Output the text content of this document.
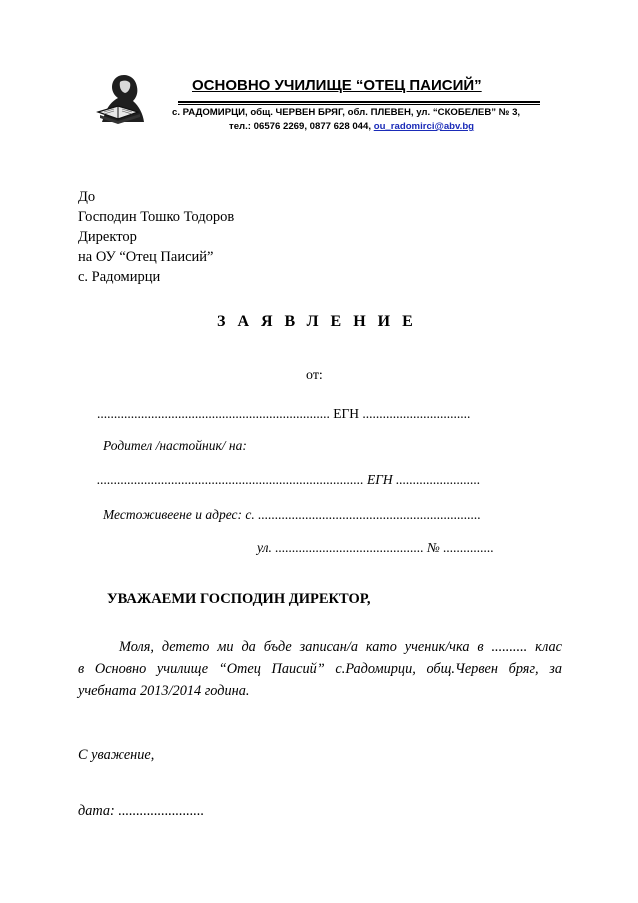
ОСНОВНО УЧИЛИЩЕ “ОТЕЦ ПАИСИЙ”
с. РАДОМИРЦИ, общ. ЧЕРВЕН БРЯГ, обл. ПЛЕВЕН, ул. “СКОБЕЛЕВ” № 3,
тел.: 06576 2269, 0877 628 044, ou_radomirci@abv.bg
До
Господин Тошко Тодоров
Директор
на ОУ “Отец Паисий”
с. Радомирци
ЗАЯВЛЕНИЕ
от:
..................................................................... ЕГН ................................
Родител /настойник/ на:
............................................................................... ЕГН .........................
Местоживеене и адрес: с. ..................................................................
ул. ............................................ № ...............
УВАЖАЕМИ ГОСПОДИН ДИРЕКТОР,
Моля, детето ми да бъде записан/а като ученик/чка в .......... клас
в Основно училище “Отец Паисий” с.Радомирци, общ.Червен бряг, за
учебната 2013/2014 година.
С уважение,
дата: ........................
